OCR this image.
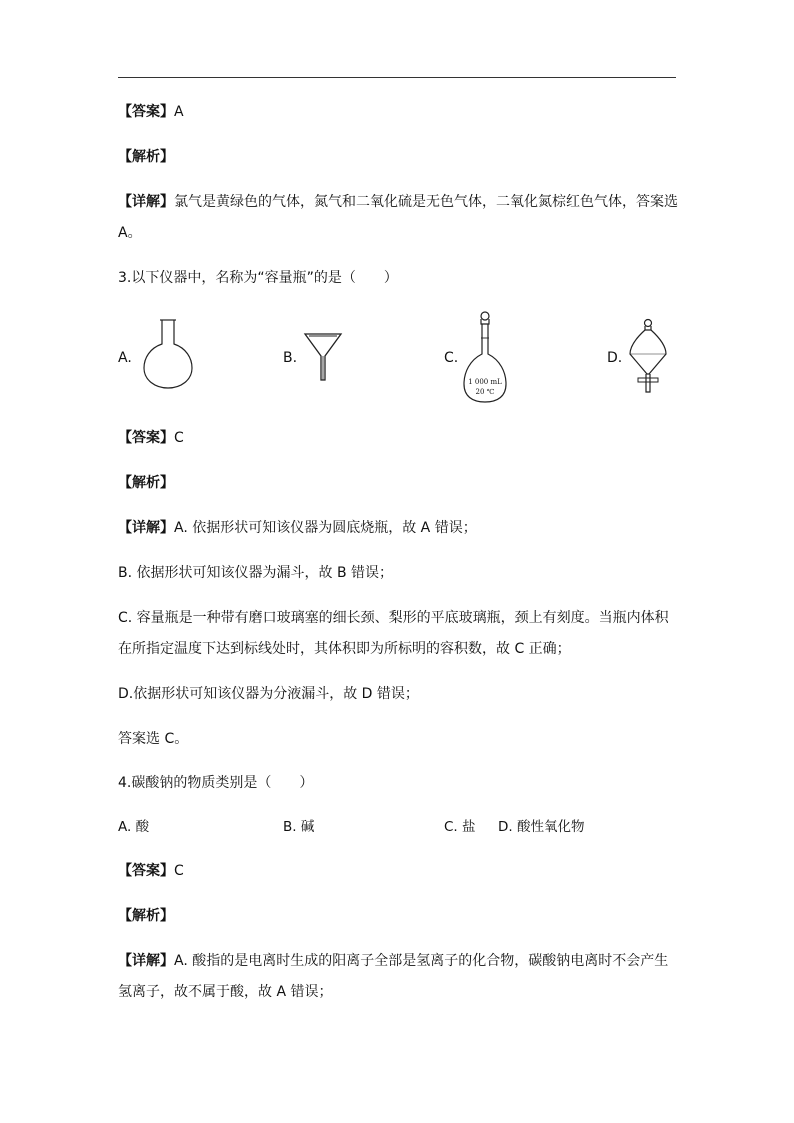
【答案】A
【解析】
【详解】氯气是黄绿色的气体，氮气和二氧化硫是无色气体，二氧化氮棕红色气体，答案选
A。
3.以下仪器中，名称为“容量瓶”的是（　　）
A.	B.	C.
1 000 mL
20 ℃
D.
【答案】C
【解析】
【详解】A. 依据形状可知该仪器为圆底烧瓶，故 A 错误；
B. 依据形状可知该仪器为漏斗，故 B 错误；
C. 容量瓶是一种带有磨口玻璃塞的细长颈、梨形的平底玻璃瓶，颈上有刻度。当瓶内体积
在所指定温度下达到标线处时，其体积即为所标明的容积数，故 C 正确；
D.依据形状可知该仪器为分液漏斗，故 D 错误；
答案选 C。
4.碳酸钠的物质类别是（　　）
A. 酸	B. 碱	C. 盐 D. 酸性氧化物
【答案】C
【解析】
【详解】A. 酸指的是电离时生成的阳离子全部是氢离子的化合物，碳酸钠电离时不会产生
氢离子，故不属于酸，故 A 错误；
